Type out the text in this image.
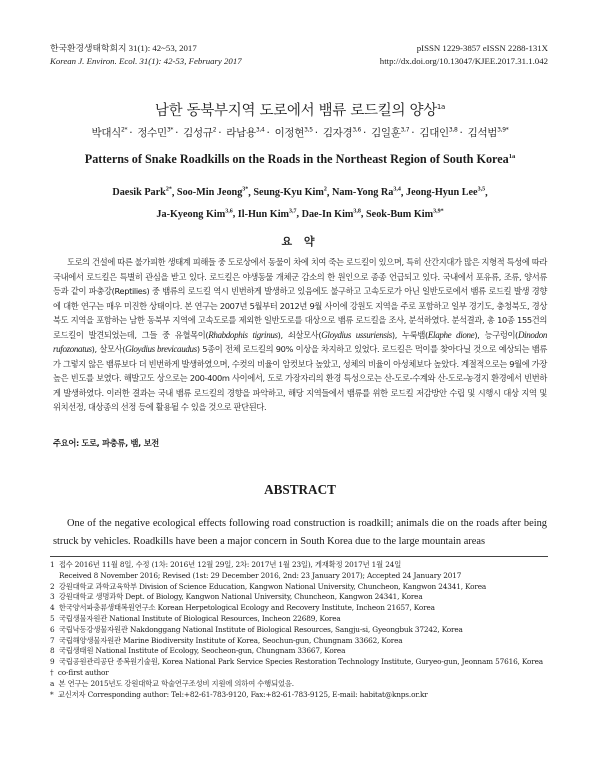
한국환경생태학회지 31(1): 42~53, 2017
Korean J. Environ. Ecol. 31(1): 42-53, February 2017
pISSN 1229-3857 eISSN 2288-131X
http://dx.doi.org/10.13047/KJEE.2017.31.1.042
남한 동북부지역 도로에서 뱀류 로드킬의 양상$^{1a}$
박대식$^{2*}$ · 정수민$^{3*}$ · 김성규$^2$ · 라남용$^{3,4}$ · 이정현$^{3,5}$ · 김자경$^{3,6}$ · 김일훈$^{3,7}$ · 김대인$^{3,8}$ · 김석범$^{3,9*}$
Patterns of Snake Roadkills on the Roads in the Northeast Region of South Korea$^{1a}$
Daesik Park$^{2*}$, Soo-Min Jeong$^{3*}$, Seung-Kyu Kim$^2$, Nam-Yong Ra$^{3,4}$, Jeong-Hyun Lee$^{3,5}$,
Ja-Kyeong Kim$^{3,6}$, Il-Hun Kim$^{3,7}$, Dae-In Kim$^{3,8}$, Seok-Bum Kim$^{3,9*}$
요 약
도로의 건설에 따른 불가피한 생태계 피해들 중 도로상에서 동물이 차에 치여 죽는 로드킬이 있으며, 특히 산간지대가 많은 지형적 특성에 따라 국내에서 로드킬은 특별히 관심을 받고 있다. 로드킬은 야생동물 개체군 감소의 한 원인으로 종종 언급되고 있다. 국내에서 포유류, 조류, 양서류 등과 같이 파충강(Reptilies) 중 뱀류의 로드킬 역시 빈번하게 발생하고 있음에도 불구하고 고속도로가 아닌 일반도로에서 뱀류 로드킬 발생 경향에 대한 연구는 매우 미진한 상태이다. 본 연구는 2007년 5월부터 2012년 9월 사이에 강원도 지역을 주로 포함하고 일부 경기도, 충청북도, 경상북도 지역을 포함하는 남한 동북부 지역에 고속도로를 제외한 일반도로를 대상으로 뱀류 로드킬을 조사, 분석하였다. 분석결과, 총 10종 155건의 로드킬이 발견되었는데, 그들 중 유혈목이(Rhabdophis tigrinus), 쇠살모사(Gloydius ussuriensis), 누룩뱀(Elaphe dione), 능구렁이(Dinodon rufozonatus), 살모사(Gloydius brevicaudus) 5종이 전체 로드킬의 90% 이상을 차지하고 있었다. 로드킬은 먹이를 찾아다닐 것으로 예상되는 뱀류가 그렇지 않은 뱀류보다 더 빈번하게 발생하였으며, 수컷의 비율이 암컷보다 높았고, 성체의 비율이 아성체보다 높았다. 계절적으로는 9월에 가장 높은 빈도를 보였다. 해발고도 상으로는 200-400m 사이에서, 도로 가장자리의 환경 특성으로는 산-도로-수계와 산-도로-농경지 환경에서 빈번하게 발생하였다. 이러한 결과는 국내 뱀류 로드킬의 경향을 파악하고, 해당 지역들에서 뱀류를 위한 로드킬 저감방안 수립 및 시행시 대상 지역 및 위치선정, 대상종의 선정 등에 활용될 수 있을 것으로 판단된다.
주요어: 도로, 파충류, 뱀, 보전
ABSTRACT
One of the negative ecological effects following road construction is roadkill; animals die on the roads after being struck by vehicles. Roadkills have been a major concern in South Korea due to the large mountain areas
1 접수 2016년 11월 8일, 수정 (1차: 2016년 12월 29일, 2차: 2017년 1월 23일), 게재확정 2017년 1월 24일
Received 8 November 2016; Revised (1st: 29 December 2016, 2nd: 23 January 2017); Accepted 24 January 2017
2 강원대학교 과학교육학부 Division of Science Education, Kangwon National University, Chuncheon, Kangwon 24341, Korea
3 강원대학교 생명과학 Dept. of Biology, Kangwon National University, Chuncheon, Kangwon 24341, Korea
4 한국양서파충류생태복원연구소 Korean Herpetological Ecology and Recovery Institute, Incheon 21657, Korea
5 국립생물자원관 National Institute of Biological Resources, Incheon 22689, Korea
6 국립낙동강생물자원관 Nakdonggang National Institute of Biological Resources, Sangju-si, Gyeongbuk 37242, Korea
7 국립해양생물자원관 Marine Biodiversity Institute of Korea, Seochun-gun, Chungnam 33662, Korea
8 국립생태원 National Institute of Ecology, Seocheon-gun, Chungnam 33667, Korea
9 국립공원관리공단 종복원기술원, Korea National Park Service Species Restoration Technology Institute, Guryeo-gun, Jeonnam 57616, Korea
† co-first author
a 본 연구는 2015년도 강원대학교 학술연구조성비 지원에 의하여 수행되었음.
* 교신저자 Corresponding author: Tel:+82-61-783-9120, Fax:+82-61-783-9125, E-mail: habitat@knps.or.kr
